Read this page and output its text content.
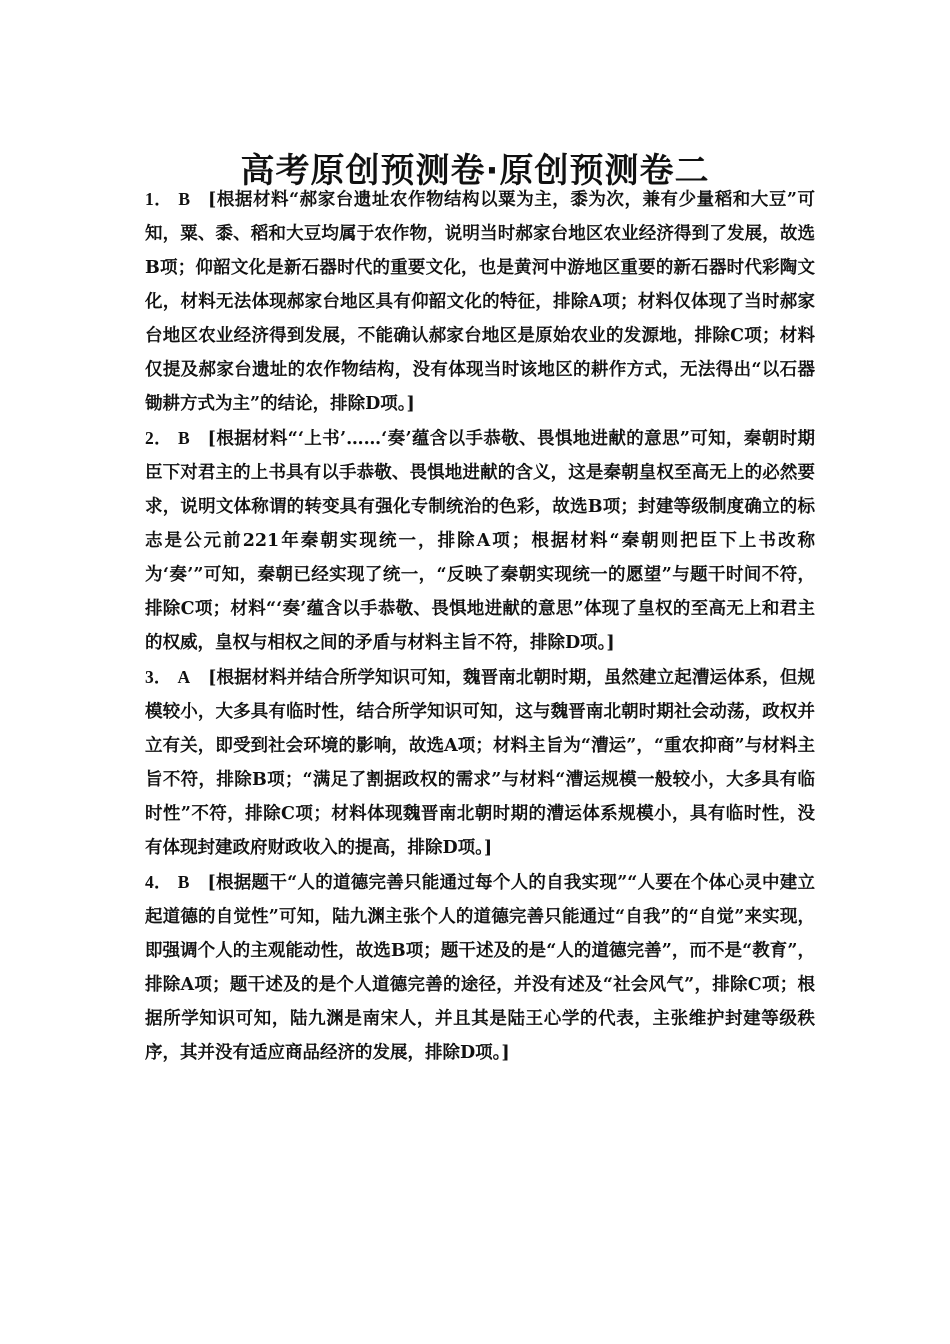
高考原创预测卷·原创预测卷二

1． B [根据材料“郝家台遗址农作物结构以粟为主，黍为次，兼有少量稻和大豆”可知，粟、黍、稻和大豆均属于农作物，说明当时郝家台地区农业经济得到了发展，故选B项；仰韶文化是新石器时代的重要文化，也是黄河中游地区重要的新石器时代彩陶文化，材料无法体现郝家台地区具有仰韶文化的特征，排除A项；材料仅体现了当时郝家台地区农业经济得到发展，不能确认郝家台地区是原始农业的发源地，排除C项；材料仅提及郝家台遗址的农作物结构，没有体现当时该地区的耕作方式，无法得出“以石器锄耕方式为主”的结论，排除D项。]

2． B [根据材料“‘上书’……‘奏’蕴含以手恭敬、畏惧地进献的意思”可知，秦朝时期臣下对君主的上书具有以手恭敬、畏惧地进献的含义，这是秦朝皇权至高无上的必然要求，说明文体称谓的转变具有强化专制统治的色彩，故选B项；封建等级制度确立的标志是公元前221年秦朝实现统一，排除A项；根据材料“秦朝则把臣下上书改称为‘奏’”可知，秦朝已经实现了统一，“反映了秦朝实现统一的愿望”与题干时间不符，排除C项；材料“‘奏’蕴含以手恭敬、畏惧地进献的意思”体现了皇权的至高无上和君主的权威，皇权与相权之间的矛盾与材料主旨不符，排除D项。]

3． A [根据材料并结合所学知识可知，魏晋南北朝时期，虽然建立起漕运体系，但规模较小，大多具有临时性，结合所学知识可知，这与魏晋南北朝时期社会动荡，政权并立有关，即受到社会环境的影响，故选A项；材料主旨为“漕运”，“重农抑商”与材料主旨不符，排除B项；“满足了割据政权的需求”与材料“漕运规模一般较小，大多具有临时性”不符，排除C项；材料体现魏晋南北朝时期的漕运体系规模小，具有临时性，没有体现封建政府财政收入的提高，排除D项。]

4． B [根据题干“人的道德完善只能通过每个人的自我实现”“人要在个体心灵中建立起道德的自觉性”可知，陆九渊主张个人的道德完善只能通过“自我”的“自觉”来实现，即强调个人的主观能动性，故选B项；题干述及的是“人的道德完善”，而不是“教育”，排除A项；题干述及的是个人道德完善的途径，并没有述及“社会风气”，排除C项；根据所学知识可知，陆九渊是南宋人，并且其是陆王心学的代表，主张维护封建等级秩序，其并没有适应商品经济的发展，排除D项。]
